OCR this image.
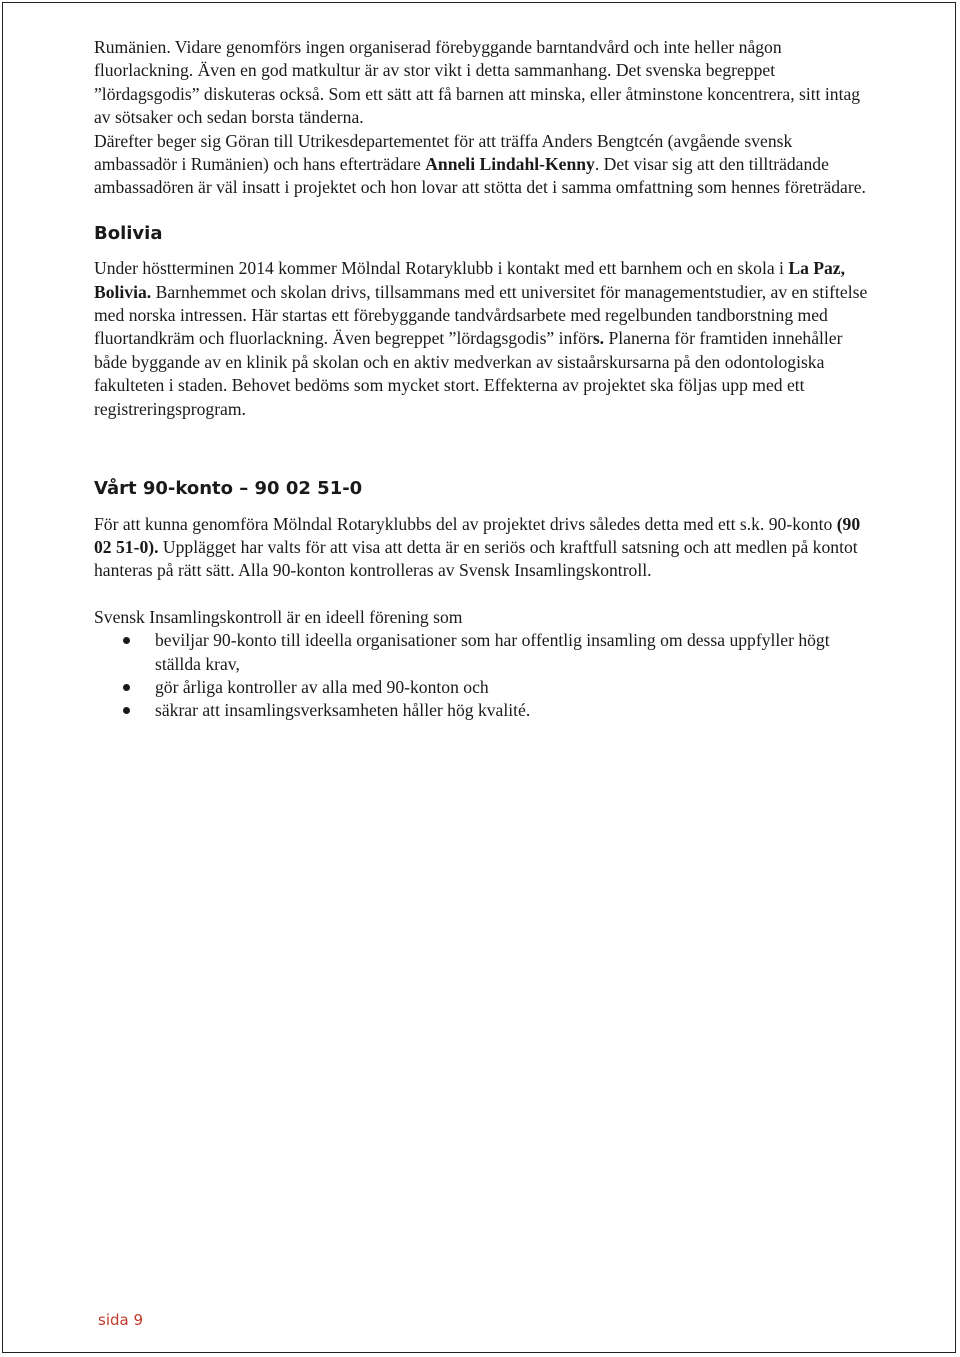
Rumänien. Vidare genomförs ingen organiserad förebyggande barntandvård och inte heller någon fluorlackning. Även en god matkultur är av stor vikt i detta sammanhang. Det svenska begreppet ”lördagsgodis” diskuteras också. Som ett sätt att få barnen att minska, eller åtminstone koncentrera, sitt intag av sötsaker och sedan borsta tänderna.

Därefter beger sig Göran till Utrikesdepartementet för att träffa Anders Bengtcén (avgående svensk ambassadör i Rumänien) och hans efterträdare Anneli Lindahl-Kenny. Det visar sig att den tillträdande ambassadören är väl insatt i projektet och hon lovar att stötta det i samma omfattning som hennes företrädare.

Bolivia

Under höstterminen 2014 kommer Mölndal Rotaryklubb i kontakt med ett barnhem och en skola i La Paz, Bolivia. Barnhemmet och skolan drivs, tillsammans med ett universitet för managementstudier, av en stiftelse med norska intressen. Här startas ett förebyggande tandvårdsarbete med regelbunden tandborstning med fluortandkräm och fluorlackning. Även begreppet ”lördagsgodis” införs. Planerna för framtiden innehåller både byggande av en klinik på skolan och en aktiv medverkan av sistaårskursarna på den odontologiska fakulteten i staden. Behovet bedöms som mycket stort. Effekterna av projektet ska följas upp med ett registreringsprogram.

Vårt 90-konto – 90 02 51-0

För att kunna genomföra Mölndal Rotaryklubbs del av projektet drivs således detta med ett s.k. 90-konto (90 02 51-0). Upplägget har valts för att visa att detta är en seriös och kraftfull satsning och att medlen på kontot hanteras på rätt sätt. Alla 90-konton kontrolleras av Svensk Insamlingskontroll.

Svensk Insamlingskontroll är en ideell förening som

beviljar 90-konto till ideella organisationer som har offentlig insamling om dessa uppfyller högt ställda krav,
gör årliga kontroller av alla med 90-konton och
säkrar att insamlingsverksamheten håller hög kvalité.
sida 9
